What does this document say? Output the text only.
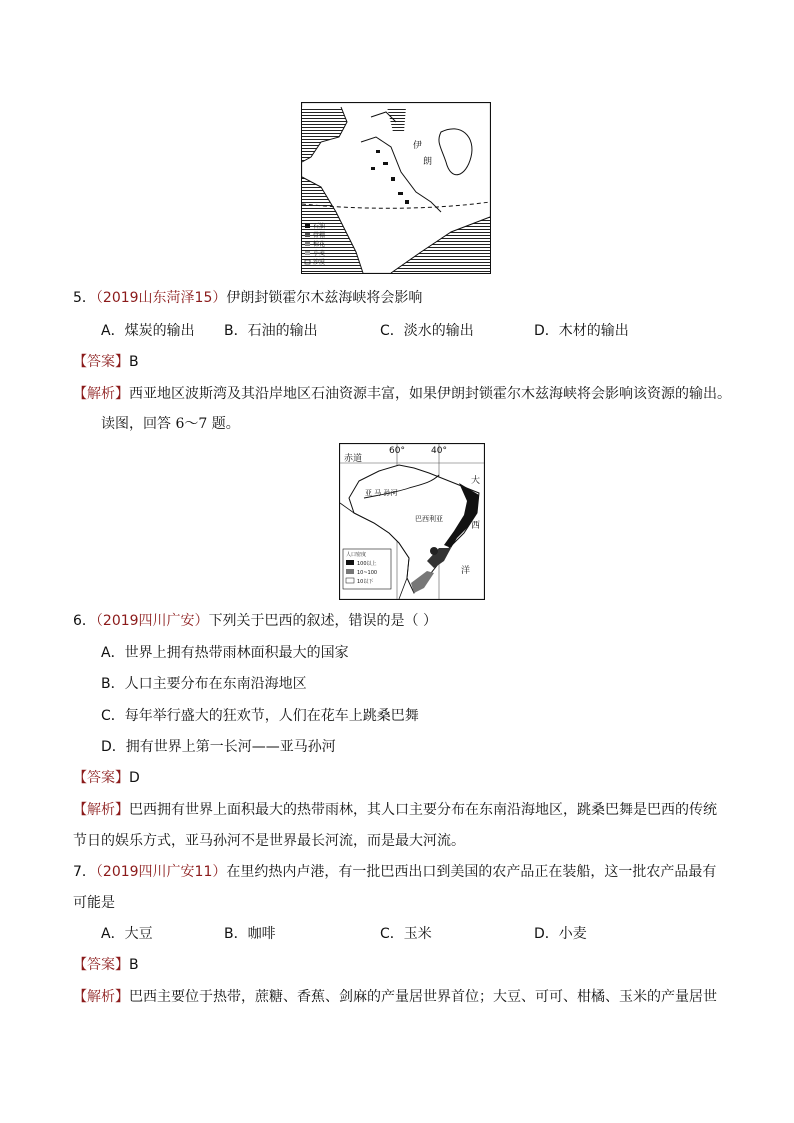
伊
朗
石油
骨棚
棉花
小麦
沙漠
5．（2019山东菏泽15）伊朗封锁霍尔木兹海峡将会影响
A．煤炭的输出 B．石油的输出	C．淡水的输出	D．木材的输出
【答案】B
【解析】西亚地区波斯湾及其沿岸地区石油资源丰富，如果伊朗封锁霍尔木兹海峡将会影响该资源的输出。
读图，回答 6～7 题。
赤道
60°	40°
亚 马 孙河
巴西利亚
大
西
洋
人口密度
100以上
10~100
10以下
6．（2019四川广安）下列关于巴西的叙述，错误的是（ ）
A．世界上拥有热带雨林面积最大的国家
B．人口主要分布在东南沿海地区
C．每年举行盛大的狂欢节，人们在花车上跳桑巴舞
D．拥有世界上第一长河——亚马孙河
【答案】D
【解析】巴西拥有世界上面积最大的热带雨林，其人口主要分布在东南沿海地区，跳桑巴舞是巴西的传统
节日的娱乐方式，亚马孙河不是世界最长河流，而是最大河流。
7．（2019四川广安11）在里约热内卢港，有一批巴西出口到美国的农产品正在装船，这一批农产品最有
可能是
A．大豆	B．咖啡	C．玉米	D．小麦
【答案】B
【解析】巴西主要位于热带，蔗糖、香蕉、剑麻的产量居世界首位；大豆、可可、柑橘、玉米的产量居世
